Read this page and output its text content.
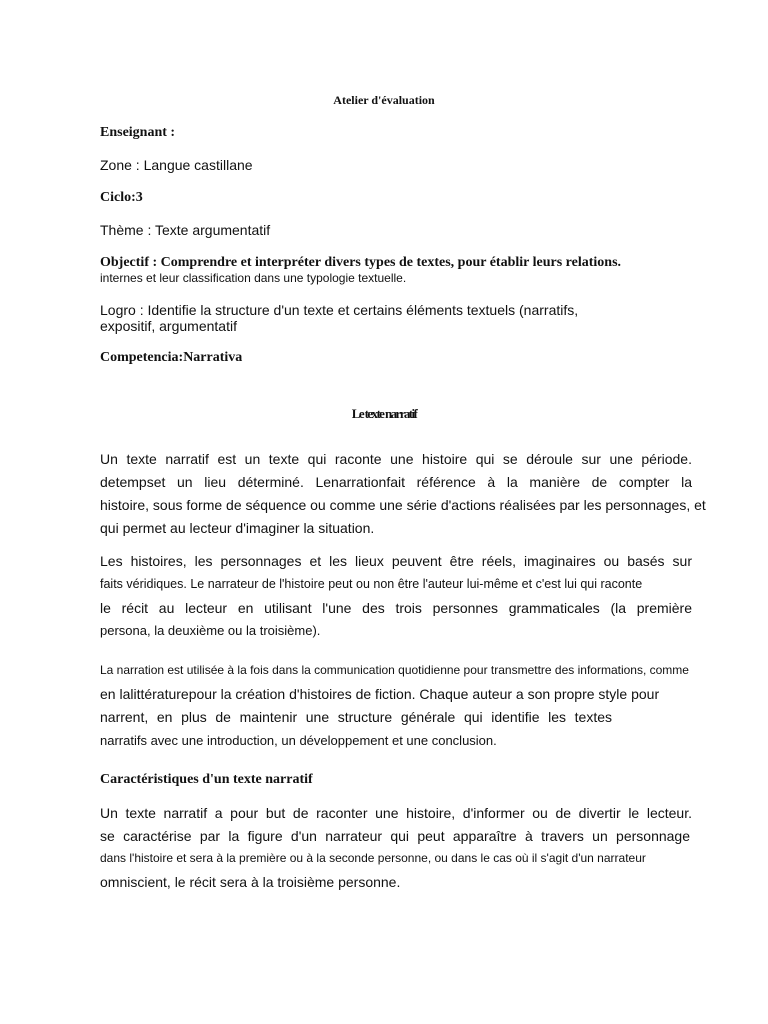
Atelier d'évaluation
Enseignant :
Zone : Langue castillane
Ciclo:3
Thème : Texte argumentatif
Objectif : Comprendre et interpréter divers types de textes, pour établir leurs relations.
internes et leur classification dans une typologie textuelle.
Logro : Identifie la structure d'un texte et certains éléments textuels (narratifs,
expositif, argumentatif
Competencia:Narrativa
Le texte narratif
Un texte narratif est un texte qui raconte une histoire qui se déroule sur une période.
detempset un lieu déterminé. Lenarrationfait référence à la manière de compter la
histoire, sous forme de séquence ou comme une série d'actions réalisées par les personnages, et
qui permet au lecteur d'imaginer la situation.
Les histoires, les personnages et les lieux peuvent être réels, imaginaires ou basés sur
faits véridiques. Le narrateur de l'histoire peut ou non être l'auteur lui-même et c'est lui qui raconte
le récit au lecteur en utilisant l'une des trois personnes grammaticales (la première
persona, la deuxième ou la troisième).
La narration est utilisée à la fois dans la communication quotidienne pour transmettre des informations, comme
en lalittératurepour la création d'histoires de fiction. Chaque auteur a son propre style pour
narrent, en plus de maintenir une structure générale qui identifie les textes
narratifs avec une introduction, un développement et une conclusion.
Caractéristiques d'un texte narratif
Un texte narratif a pour but de raconter une histoire, d'informer ou de divertir le lecteur.
se caractérise par la figure d'un narrateur qui peut apparaître à travers un personnage
dans l'histoire et sera à la première ou à la seconde personne, ou dans le cas où il s'agit d'un narrateur
omniscient, le récit sera à la troisième personne.
